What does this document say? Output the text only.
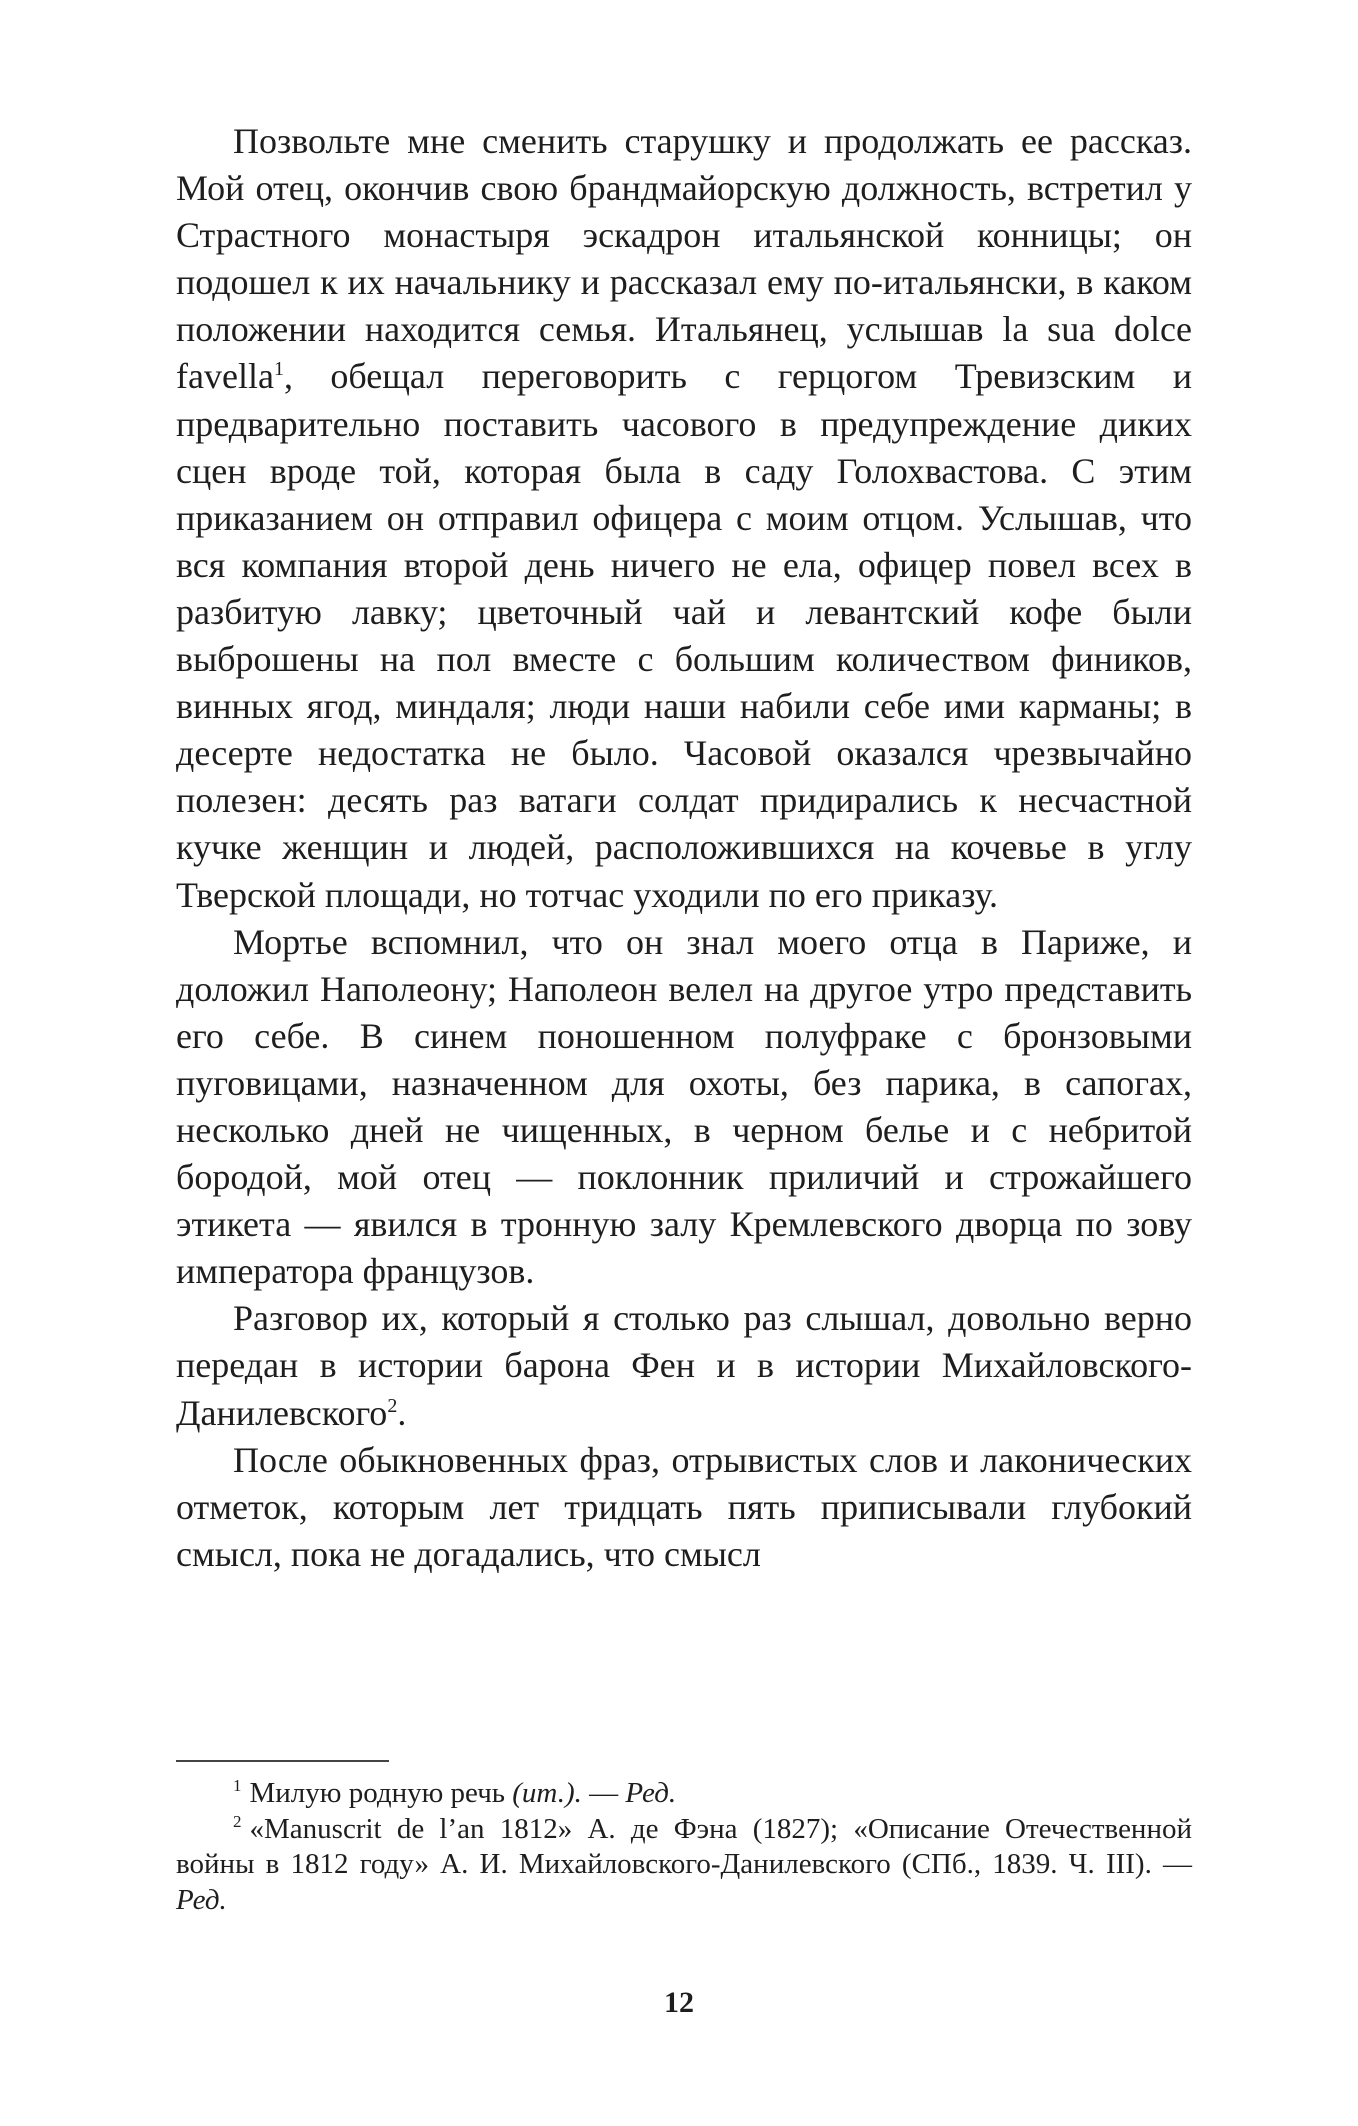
Позвольте мне сменить старушку и продолжать ее рассказ. Мой отец, окончив свою брандмайорскую должность, встретил у Страстного монастыря эскадрон итальянской конницы; он подошел к их начальнику и рассказал ему по-итальянски, в каком положении находится семья. Итальянец, услышав la sua dolce favella$^1$, обещал переговорить с герцогом Тревизским и предварительно поставить часового в предупреждение диких сцен вроде той, которая была в саду Голохвастова. С этим приказанием он отправил офицера с моим отцом. Услышав, что вся компания второй день ничего не ела, офицер повел всех в разбитую лавку; цветочный чай и левантский кофе были выброшены на пол вместе с большим количеством фиников, винных ягод, миндаля; люди наши набили себе ими карманы; в десерте недостатка не было. Часовой оказался чрезвычайно полезен: десять раз ватаги солдат придирались к несчастной кучке женщин и людей, расположившихся на кочевье в углу Тверской площади, но тотчас уходили по его приказу.

Мортье вспомнил, что он знал моего отца в Париже, и доложил Наполеону; Наполеон велел на другое утро представить его себе. В синем поношенном полуфраке с бронзовыми пуговицами, назначенном для охоты, без парика, в сапогах, несколько дней не чищенных, в черном белье и с небритой бородой, мой отец — поклонник приличий и строжайшего этикета — явился в тронную залу Кремлевского дворца по зову императора французов.

Разговор их, который я столько раз слышал, довольно верно передан в истории барона Фен и в истории Михайловского-Данилевского$^2$.

После обыкновенных фраз, отрывистых слов и лаконических отметок, которым лет тридцать пять приписывали глубокий смысл, пока не догадались, что смысл

$^1$ Милую родную речь (ит.). — Ред.

$^2$ «Manuscrit de l’an 1812» А. де Фэна (1827); «Описание Отечественной войны в 1812 году» А. И. Михайловского-Данилевского (СПб., 1839. Ч. III). — Ред.

12
